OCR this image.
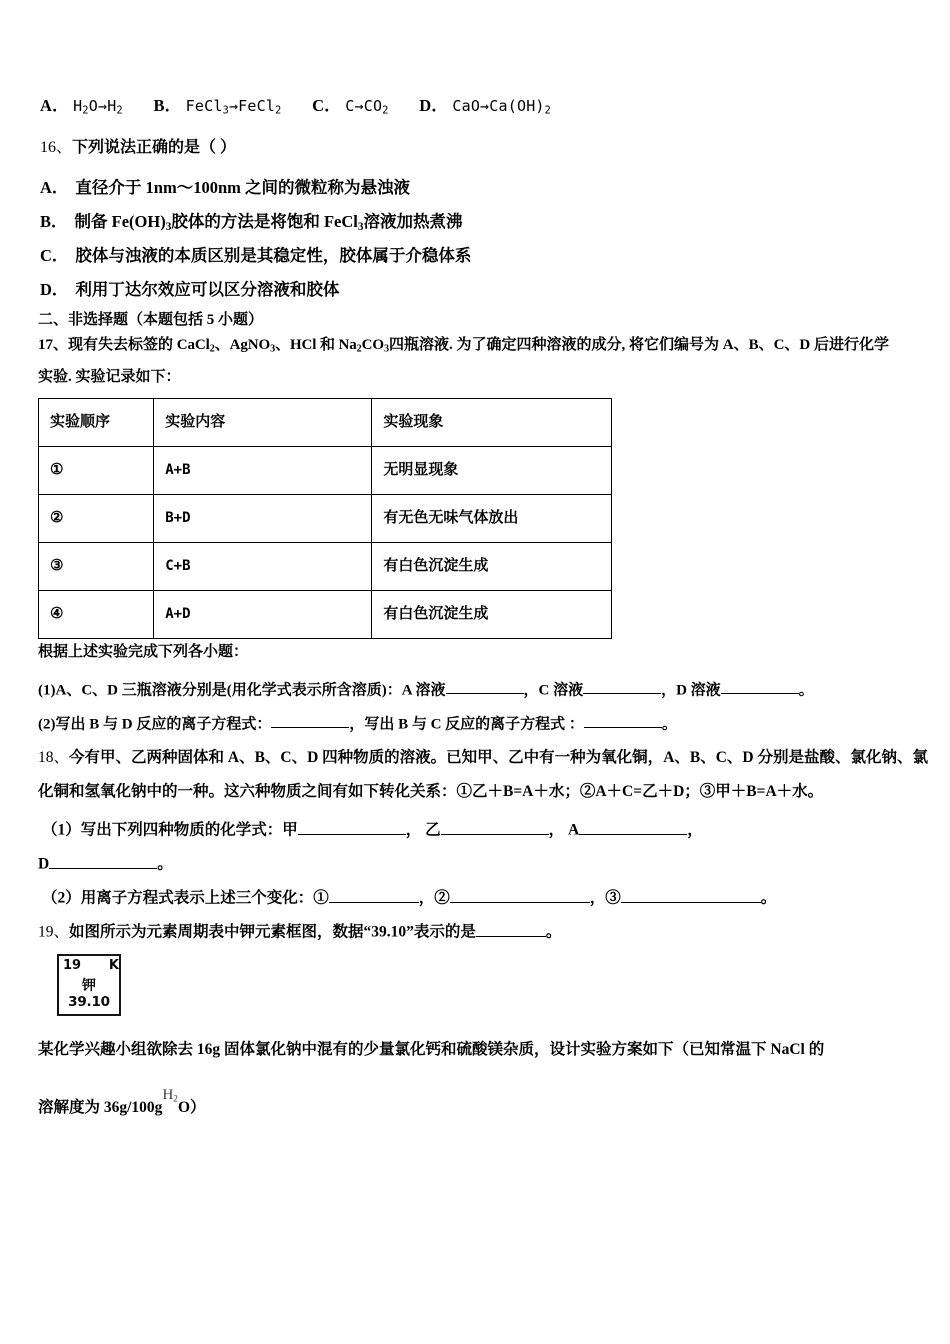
A． $H_2O\to H_2$ B． FeCl$_3$→FeCl$_2$ C． $C\to CO_2$ D． $CaO\to Ca(OH)_2$
16、下列说法正确的是（ ）
A． 直径介于 1nm～100nm 之间的微粒称为悬浊液
B． 制备 $Fe(OH)_3$胶体的方法是将饱和 FeCl$_3$溶液加热煮沸
C． 胶体与浊液的本质区别是其稳定性，胶体属于介稳体系
D． 利用丁达尔效应可以区分溶液和胶体
二、非选择题（本题包括 5 小题）
17、现有失去标签的 CaCl$_2$、AgNO$_3$、HCl 和 $Na_2CO_3$四瓶溶液. 为了确定四种溶液的成分, 将它们编号为 A、B、C、D 后进行化学
实验. 实验记录如下：
实验顺序	实验内容	实验现象
①	A+B	无明显现象
②	B+D	有无色无味气体放出
③	C+B	有白色沉淀生成
④	A+D	有白色沉淀生成
根据上述实验完成下列各小题：
(1)A、C、D 三瓶溶液分别是(用化学式表示所含溶质)：A 溶液	，C 溶液	，D 溶液	。
(2)写出 B 与 D 反应的离子方程式：	，写出 B 与 C 反应的离子方程式 ：	。
18、今有甲、乙两种固体和 A、B、C、D 四种物质的溶液。已知甲、乙中有一种为氧化铜，A、B、C、D 分别是盐酸、氯化钠、氯
化铜和氢氧化钠中的一种。这六种物质之间有如下转化关系：①乙＋B=A＋水；②A＋C=乙＋D；③甲＋B=A＋水。
（1）写出下列四种物质的化学式：甲	， 乙	， A	，
D	。
（2）用离子方程式表示上述三个变化：①	，②	，③	。
19、如图所示为元素周期表中钾元素框图，数据“39.10”表示的是	。
19 K
钾
39.10
某化学兴趣小组欲除去 16g 固体氯化钠中混有的少量氯化钙和硫酸镁杂质，设计实验方案如下（已知常温下 NaCl 的
溶解度为 $36g/100gH_2O$）
